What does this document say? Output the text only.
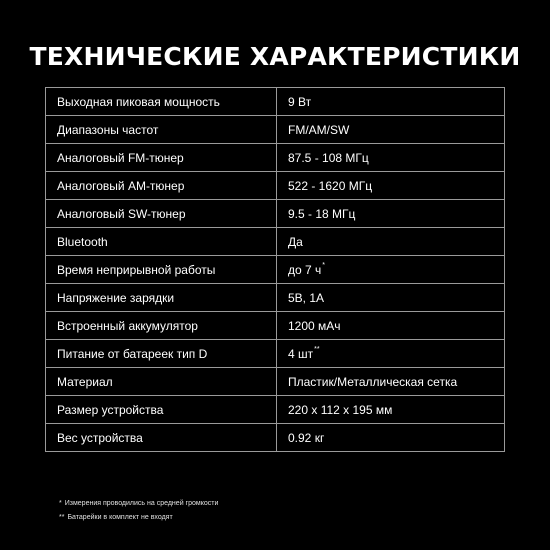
ТЕХНИЧЕСКИЕ ХАРАКТЕРИСТИКИ
Выходная пиковая мощность	9 Вт
Диапазоны частот	FM/AM/SW
Аналоговый FM-тюнер	87.5 - 108 МГц
Аналоговый AM-тюнер	522 - 1620 МГц
Аналоговый SW-тюнер	9.5 - 18 МГц
Bluetooth	Да
Время неприрывной работы	до 7 ч*
Напряжение зарядки	5В, 1А
Встроенный аккумулятор	1200 мАч
Питание от батареек тип D	4 шт**
Материал	Пластик/Металлическая сетка
Размер устройства	220 x 112 x 195 мм
Вес устройства	0.92 кг
* Измерения проводились на средней громкости
** Батарейки в комплект не входят
